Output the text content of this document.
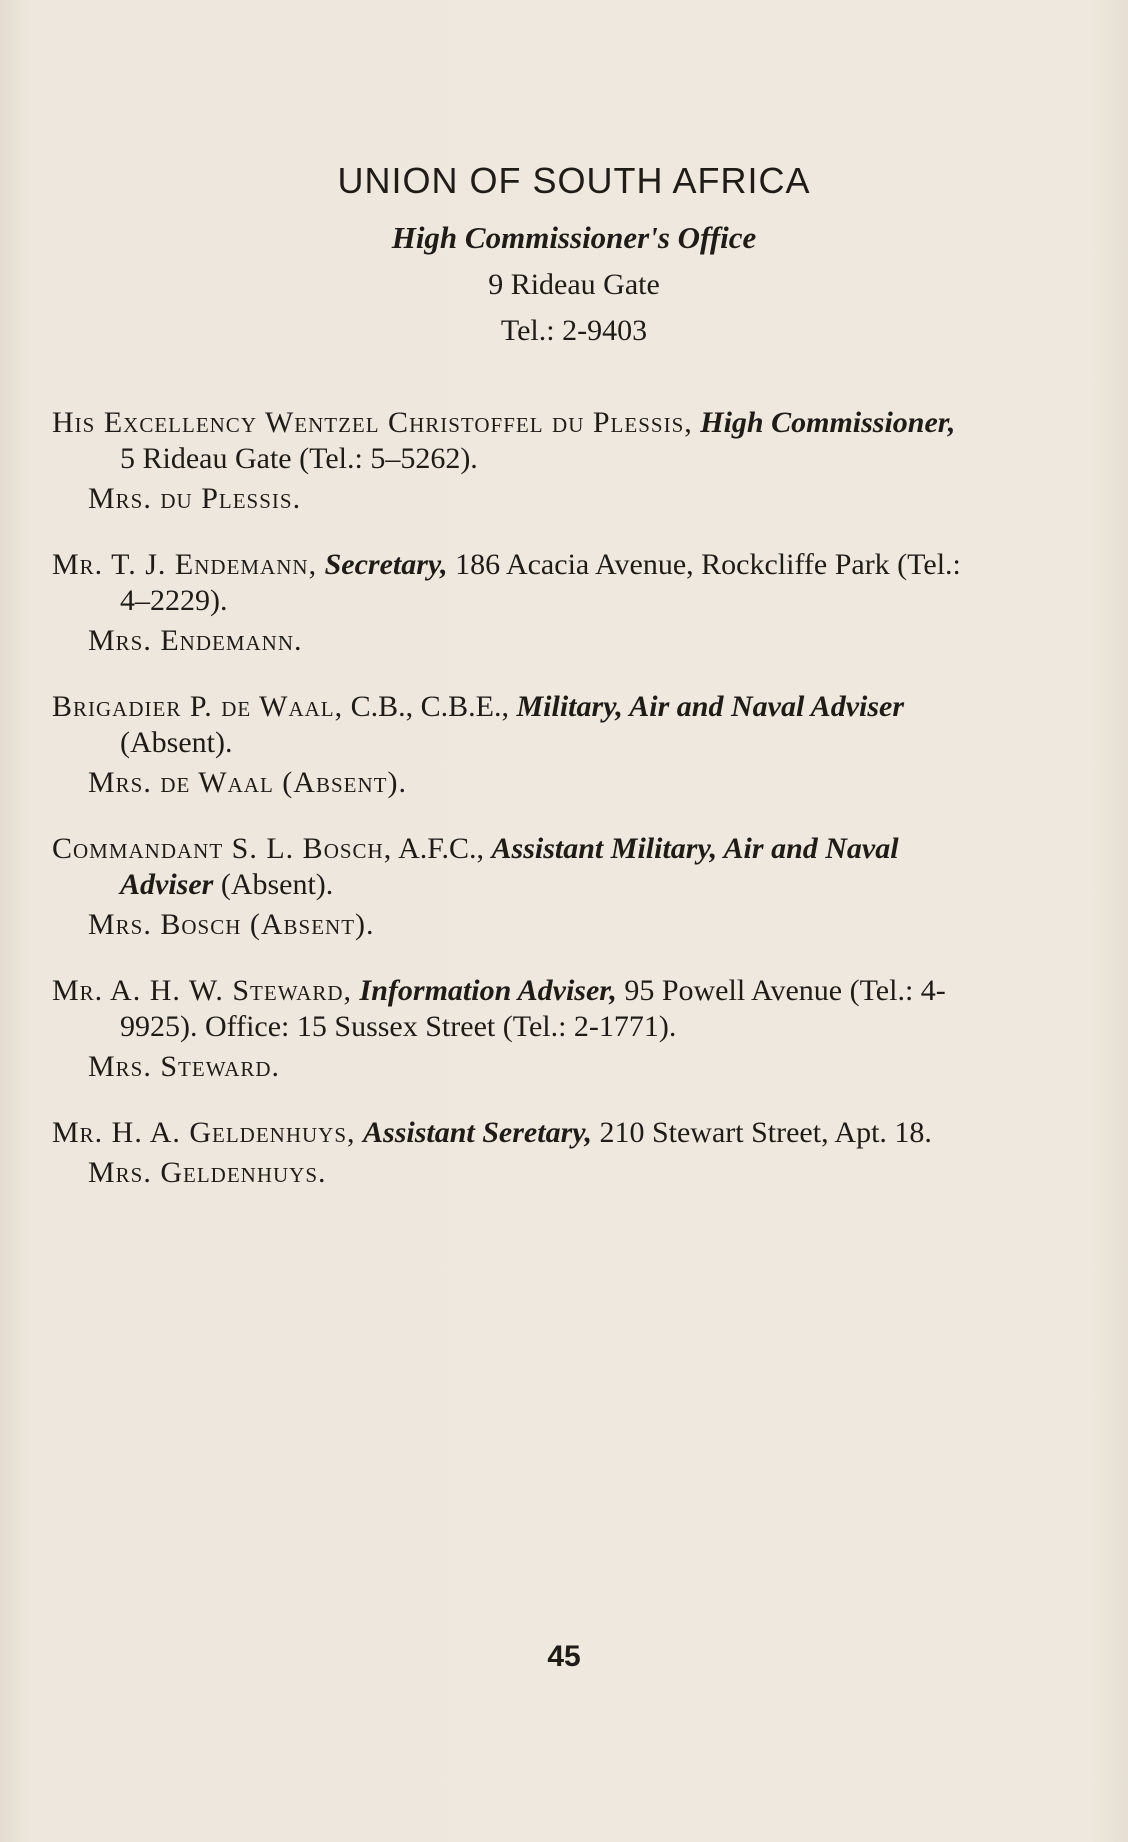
UNION OF SOUTH AFRICA
High Commissioner's Office
9 Rideau Gate
Tel.: 2-9403
His Excellency Wentzel Christoffel du Plessis, High Commissioner, 5 Rideau Gate (Tel.: 5–5262).
Mrs. du Plessis.
Mr. T. J. Endemann, Secretary, 186 Acacia Avenue, Rockcliffe Park (Tel.: 4–2229).
Mrs. Endemann.
Brigadier P. de Waal, C.B., C.B.E., Military, Air and Naval Adviser (Absent).
Mrs. de Waal (Absent).
Commandant S. L. Bosch, A.F.C., Assistant Military, Air and Naval Adviser (Absent).
Mrs. Bosch (Absent).
Mr. A. H. W. Steward, Information Adviser, 95 Powell Avenue (Tel.: 4-9925). Office: 15 Sussex Street (Tel.: 2-1771).
Mrs. Steward.
Mr. H. A. Geldenhuys, Assistant Seretary, 210 Stewart Street, Apt. 18.
Mrs. Geldenhuys.
45
